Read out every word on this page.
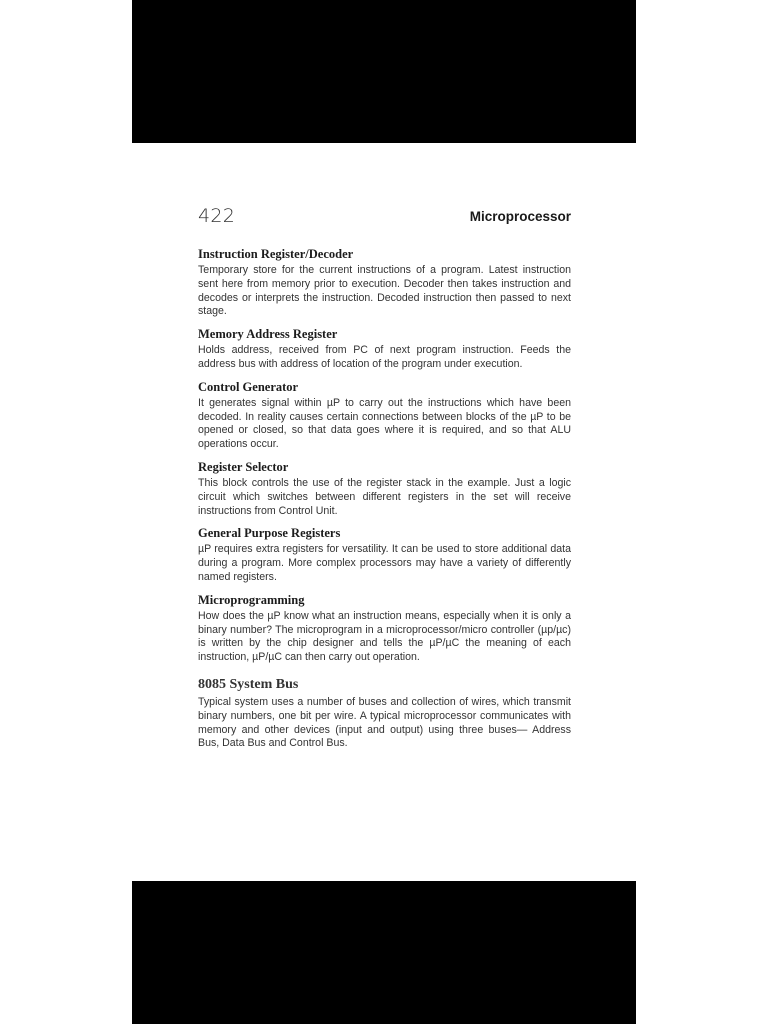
422	Microprocessor
Instruction Register/Decoder

Temporary store for the current instructions of a program. Latest instruction sent here from memory prior to execution. Decoder then takes instruction and decodes or interprets the instruction. Decoded instruction then passed to next stage.

Memory Address Register

Holds address, received from PC of next program instruction. Feeds the address bus with address of location of the program under execution.

Control Generator

It generates signal within µP to carry out the instructions which have been decoded. In reality causes certain connections between blocks of the µP to be opened or closed, so that data goes where it is required, and so that ALU operations occur.

Register Selector

This block controls the use of the register stack in the example. Just a logic circuit which switches between different registers in the set will receive instructions from Control Unit.

General Purpose Registers

µP requires extra registers for versatility. It can be used to store additional data during a program. More complex processors may have a variety of differently named registers.

Microprogramming

How does the µP know what an instruction means, especially when it is only a binary number? The microprogram in a microprocessor/micro controller (µp/µc) is written by the chip designer and tells the µP/µC the meaning of each instruction, µP/µC can then carry out operation.

8085 System Bus

Typical system uses a number of buses and collection of wires, which transmit binary numbers, one bit per wire. A typical microprocessor communicates with memory and other devices (input and output) using three buses— Address Bus, Data Bus and Control Bus.
